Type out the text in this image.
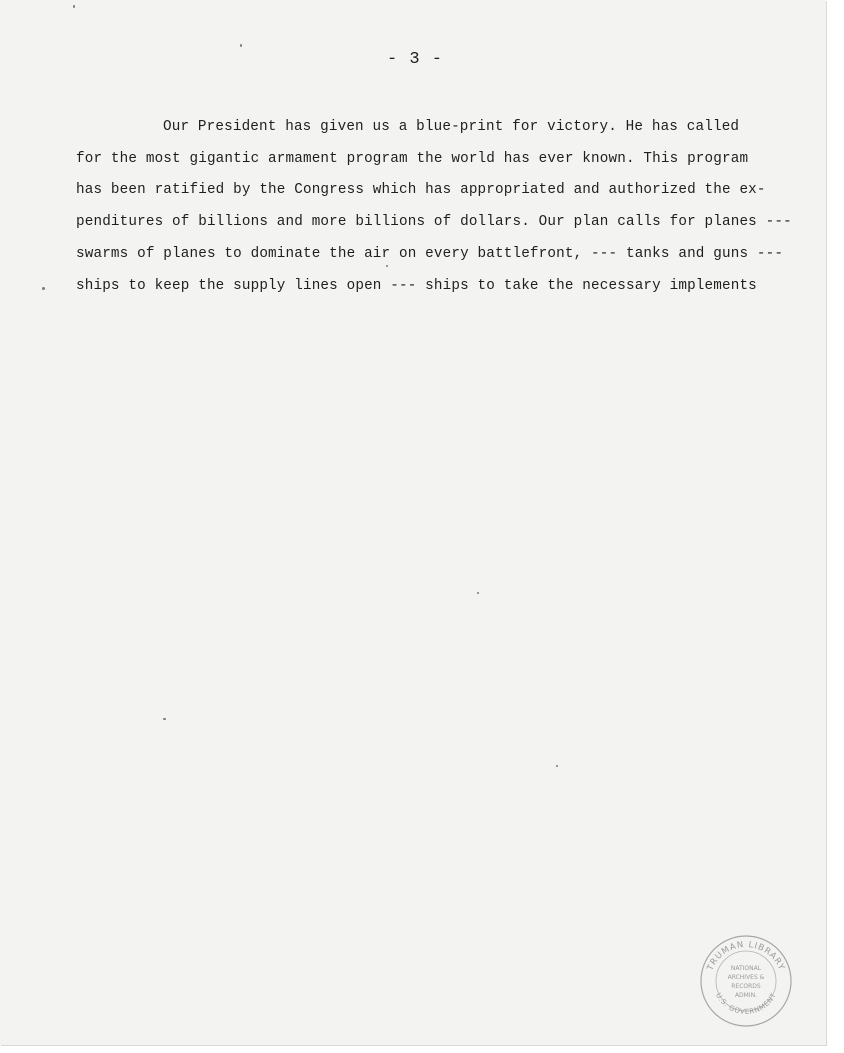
- 3 -
Our President has given us a blue-print for victory. He has called
for the most gigantic armament program the world has ever known. This program
has been ratified by the Congress which has appropriated and authorized the ex-
penditures of billions and more billions of dollars. Our plan calls for planes ---
swarms of planes to dominate the air on every battlefront, --- tanks and guns ---
ships to keep the supply lines open --- ships to take the necessary implements
TRUMAN LIBRARY
U.S. GOVERNMENT
NATIONAL
ARCHIVES &
RECORDS
ADMIN.
